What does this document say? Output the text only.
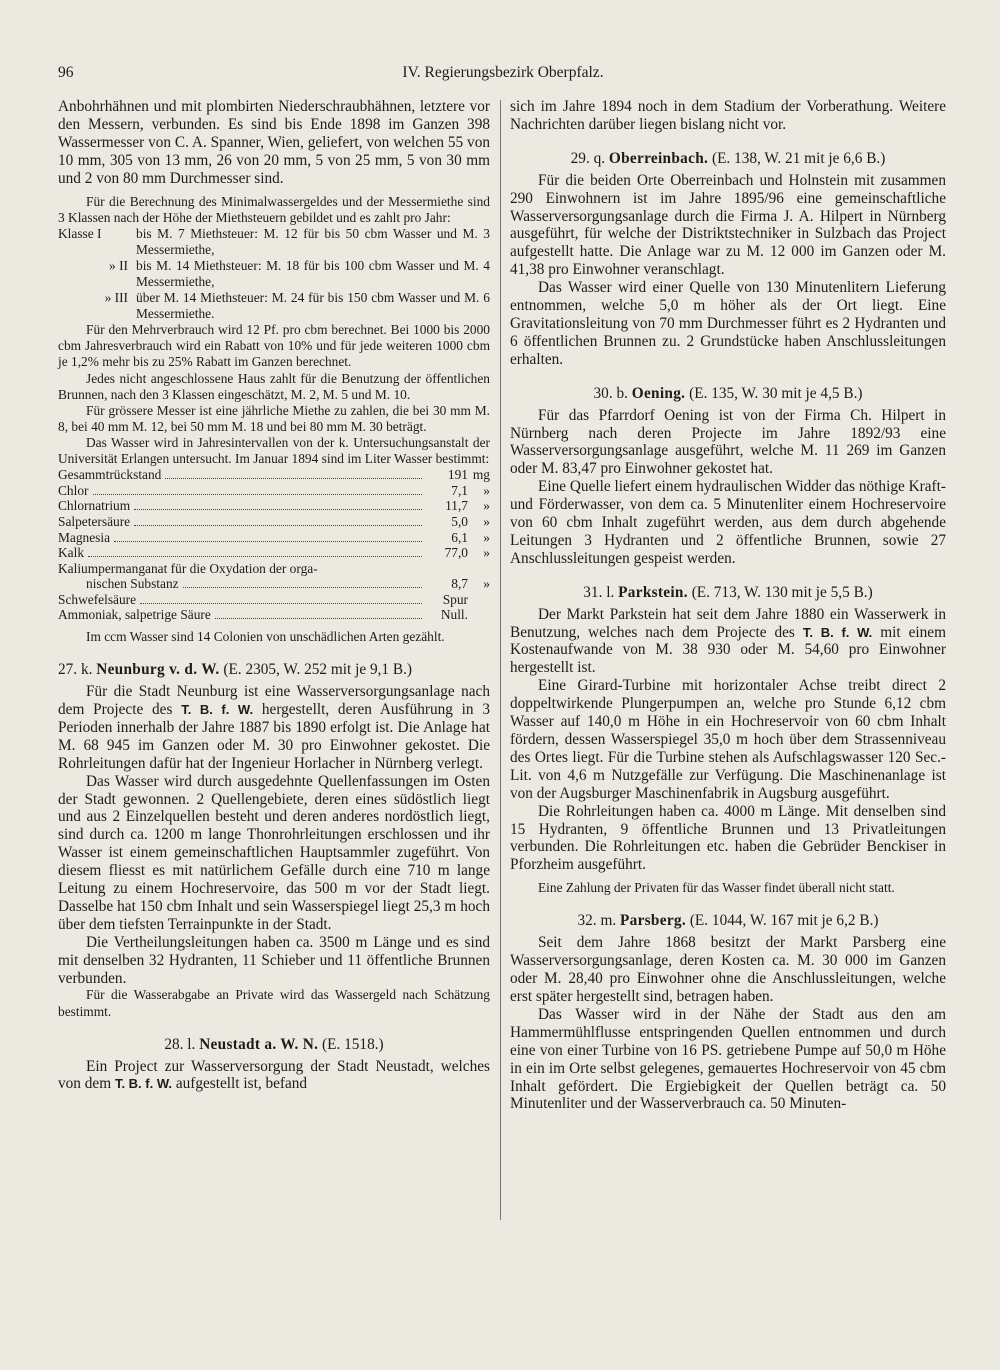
96	IV. Regierungsbezirk Oberpfalz.

Anbohrhähnen und mit plombirten Niederschraubhähnen, letztere vor den Messern, verbunden. Es sind bis Ende 1898 im Ganzen 398 Wassermesser von C. A. Spanner, Wien, geliefert, von welchen 55 von 10 mm, 305 von 13 mm, 26 von 20 mm, 5 von 25 mm, 5 von 30 mm und 2 von 80 mm Durchmesser sind.

Für die Berechnung des Minimalwassergeldes und der Messermiethe sind 3 Klassen nach der Höhe der Miethsteuern gebildet und es zahlt pro Jahr:

Klasse I	bis M. 7 Miethsteuer: M. 12 für bis 50 cbm Wasser und M. 3 Messermiethe,
» II bis M. 14 Miethsteuer: M. 18 für bis 100 cbm Wasser und M. 4 Messermiethe,
» III über M. 14 Miethsteuer: M. 24 für bis 150 cbm Wasser und M. 6 Messermiethe.

Für den Mehrverbrauch wird 12 Pf. pro cbm berechnet. Bei 1000 bis 2000 cbm Jahresverbrauch wird ein Rabatt von 10% und für jede weiteren 1000 cbm je 1,2% mehr bis zu 25% Rabatt im Ganzen berechnet.

Jedes nicht angeschlossene Haus zahlt für die Benutzung der öffentlichen Brunnen, nach den 3 Klassen eingeschätzt, M. 2, M. 5 und M. 10.

Für grössere Messer ist eine jährliche Miethe zu zahlen, die bei 30 mm M. 8, bei 40 mm M. 12, bei 50 mm M. 18 und bei 80 mm M. 30 beträgt.

Das Wasser wird in Jahresintervallen von der k. Untersuchungsanstalt der Universität Erlangen untersucht. Im Januar 1894 sind im Liter Wasser bestimmt:

Gesammtrückstand	191 mg
Chlor	7,1	»
Chlornatrium	11,7	»
Salpetersäure	5,0	»
Magnesia	6,1	»
Kalk	77,0	»
Kaliumpermanganat für die Oxydation der orga-
nischen Substanz	8,7	»
Schwefelsäure	Spur
Ammoniak, salpetrige Säure	Null.

Im ccm Wasser sind 14 Colonien von unschädlichen Arten gezählt.

27. k. Neunburg v. d. W. (E. 2305, W. 252 mit je 9,1 B.)

Für die Stadt Neunburg ist eine Wasserversorgungsanlage nach dem Projecte des T. B. f. W. hergestellt, deren Ausführung in 3 Perioden innerhalb der Jahre 1887 bis 1890 erfolgt ist. Die Anlage hat M. 68 945 im Ganzen oder M. 30 pro Einwohner gekostet. Die Rohrleitungen dafür hat der Ingenieur Horlacher in Nürnberg verlegt.

Das Wasser wird durch ausgedehnte Quellenfassungen im Osten der Stadt gewonnen. 2 Quellengebiete, deren eines südöstlich liegt und aus 2 Einzelquellen besteht und deren anderes nordöstlich liegt, sind durch ca. 1200 m lange Thonrohrleitungen erschlossen und ihr Wasser ist einem gemeinschaftlichen Hauptsammler zugeführt. Von diesem fliesst es mit natürlichem Gefälle durch eine 710 m lange Leitung zu einem Hochreservoire, das 500 m vor der Stadt liegt. Dasselbe hat 150 cbm Inhalt und sein Wasserspiegel liegt 25,3 m hoch über dem tiefsten Terrainpunkte in der Stadt.

Die Vertheilungsleitungen haben ca. 3500 m Länge und es sind mit denselben 32 Hydranten, 11 Schieber und 11 öffentliche Brunnen verbunden.

Für die Wasserabgabe an Private wird das Wassergeld nach Schätzung bestimmt.

28. l. Neustadt a. W. N. (E. 1518.)

Ein Project zur Wasserversorgung der Stadt Neustadt, welches von dem T. B. f. W. aufgestellt ist, befand

sich im Jahre 1894 noch in dem Stadium der Vorberathung. Weitere Nachrichten darüber liegen bislang nicht vor.

29. q. Oberreinbach. (E. 138, W. 21 mit je 6,6 B.)

Für die beiden Orte Oberreinbach und Holnstein mit zusammen 290 Einwohnern ist im Jahre 1895/96 eine gemeinschaftliche Wasserversorgungsanlage durch die Firma J. A. Hilpert in Nürnberg ausgeführt, für welche der Distriktstechniker in Sulzbach das Project aufgestellt hatte. Die Anlage war zu M. 12 000 im Ganzen oder M. 41,38 pro Einwohner veranschlagt.

Das Wasser wird einer Quelle von 130 Minutenlitern Lieferung entnommen, welche 5,0 m höher als der Ort liegt. Eine Gravitationsleitung von 70 mm Durchmesser führt es 2 Hydranten und 6 öffentlichen Brunnen zu. 2 Grundstücke haben Anschlussleitungen erhalten.

30. b. Oening. (E. 135, W. 30 mit je 4,5 B.)

Für das Pfarrdorf Oening ist von der Firma Ch. Hilpert in Nürnberg nach deren Projecte im Jahre 1892/93 eine Wasserversorgungsanlage ausgeführt, welche M. 11 269 im Ganzen oder M. 83,47 pro Einwohner gekostet hat.

Eine Quelle liefert einem hydraulischen Widder das nöthige Kraft- und Förderwasser, von dem ca. 5 Minutenliter einem Hochreservoire von 60 cbm Inhalt zugeführt werden, aus dem durch abgehende Leitungen 3 Hydranten und 2 öffentliche Brunnen, sowie 27 Anschlussleitungen gespeist werden.

31. l. Parkstein. (E. 713, W. 130 mit je 5,5 B.)

Der Markt Parkstein hat seit dem Jahre 1880 ein Wasserwerk in Benutzung, welches nach dem Projecte des T. B. f. W. mit einem Kostenaufwande von M. 38 930 oder M. 54,60 pro Einwohner hergestellt ist.

Eine Girard-Turbine mit horizontaler Achse treibt direct 2 doppeltwirkende Plungerpumpen an, welche pro Stunde 6,12 cbm Wasser auf 140,0 m Höhe in ein Hochreservoir von 60 cbm Inhalt fördern, dessen Wasserspiegel 35,0 m hoch über dem Strassenniveau des Ortes liegt. Für die Turbine stehen als Aufschlagswasser 120 Sec.-Lit. von 4,6 m Nutzgefälle zur Verfügung. Die Maschinenanlage ist von der Augsburger Maschinenfabrik in Augsburg ausgeführt.

Die Rohrleitungen haben ca. 4000 m Länge. Mit denselben sind 15 Hydranten, 9 öffentliche Brunnen und 13 Privatleitungen verbunden. Die Rohrleitungen etc. haben die Gebrüder Benckiser in Pforzheim ausgeführt.

Eine Zahlung der Privaten für das Wasser findet überall nicht statt.

32. m. Parsberg. (E. 1044, W. 167 mit je 6,2 B.)

Seit dem Jahre 1868 besitzt der Markt Parsberg eine Wasserversorgungsanlage, deren Kosten ca. M. 30 000 im Ganzen oder M. 28,40 pro Einwohner ohne die Anschlussleitungen, welche erst später hergestellt sind, betragen haben.

Das Wasser wird in der Nähe der Stadt aus den am Hammermühlflusse entspringenden Quellen entnommen und durch eine von einer Turbine von 16 PS. getriebene Pumpe auf 50,0 m Höhe in ein im Orte selbst gelegenes, gemauertes Hochreservoir von 45 cbm Inhalt gefördert. Die Ergiebigkeit der Quellen beträgt ca. 50 Minutenliter und der Wasserverbrauch ca. 50 Minuten-
